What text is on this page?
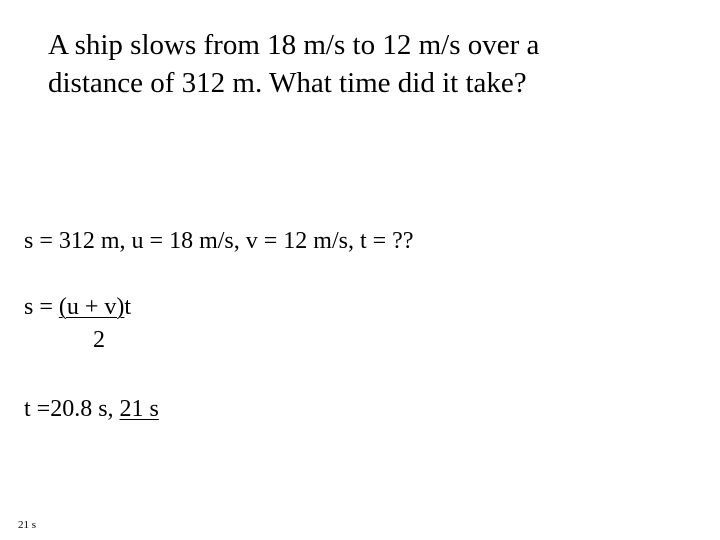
A ship slows from 18 m/s to 12 m/s over a
distance of 312 m. What time did it take?
s = 312 m, u = 18 m/s, v = 12 m/s, t = ??
s = (u + v)t
2
t =20.8 s, 21 s
21 s
